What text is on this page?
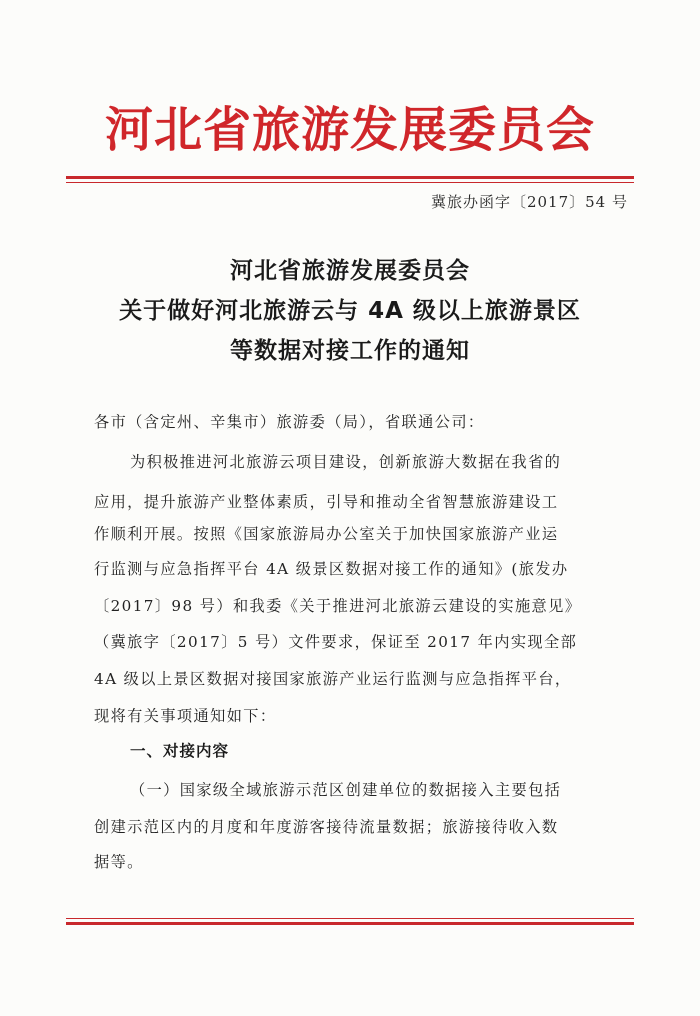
河北省旅游发展委员会
冀旅办函字〔2017〕54 号
河北省旅游发展委员会
关于做好河北旅游云与 4A 级以上旅游景区
等数据对接工作的通知
各市（含定州、辛集市）旅游委（局），省联通公司：
为积极推进河北旅游云项目建设，创新旅游大数据在我省的
应用，提升旅游产业整体素质，引导和推动全省智慧旅游建设工
作顺利开展。按照《国家旅游局办公室关于加快国家旅游产业运
行监测与应急指挥平台 4A 级景区数据对接工作的通知》(旅发办
〔2017〕98 号）和我委《关于推进河北旅游云建设的实施意见》
（冀旅字〔2017〕5 号）文件要求，保证至 2017 年内实现全部
4A 级以上景区数据对接国家旅游产业运行监测与应急指挥平台，
现将有关事项通知如下：
一、对接内容
（一）国家级全域旅游示范区创建单位的数据接入主要包括
创建示范区内的月度和年度游客接待流量数据；旅游接待收入数
据等。
